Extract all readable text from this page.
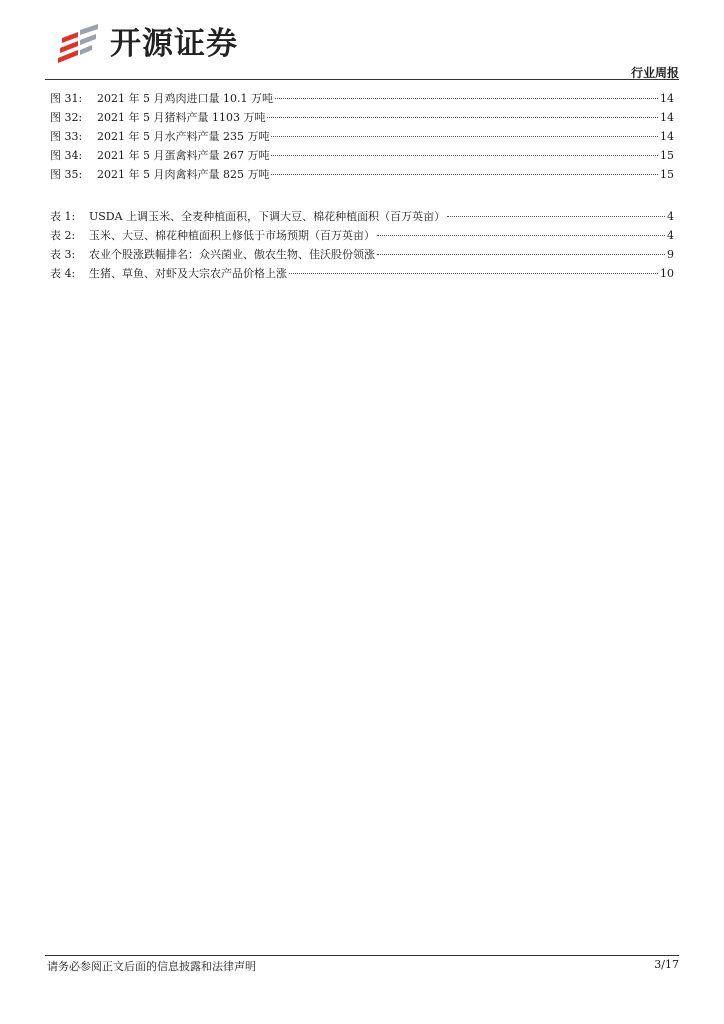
开源证券
行业周报
图 31:	2021 年 5 月鸡肉进口量 10.1 万吨	14
图 32:	2021 年 5 月猪料产量 1103 万吨	14
图 33:	2021 年 5 月水产料产量 235 万吨	14
图 34:	2021 年 5 月蛋禽料产量 267 万吨	15
图 35:	2021 年 5 月肉禽料产量 825 万吨	15
表 1:	USDA 上调玉米、全麦种植面积，下调大豆、棉花种植面积（百万英亩）	4
表 2:	玉米、大豆、棉花种植面积上修低于市场预期（百万英亩）	4
表 3:	农业个股涨跌幅排名：众兴菌业、傲农生物、佳沃股份领涨	9
表 4:	生猪、草鱼、对虾及大宗农产品价格上涨	10
请务必参阅正文后面的信息披露和法律声明	3/17
